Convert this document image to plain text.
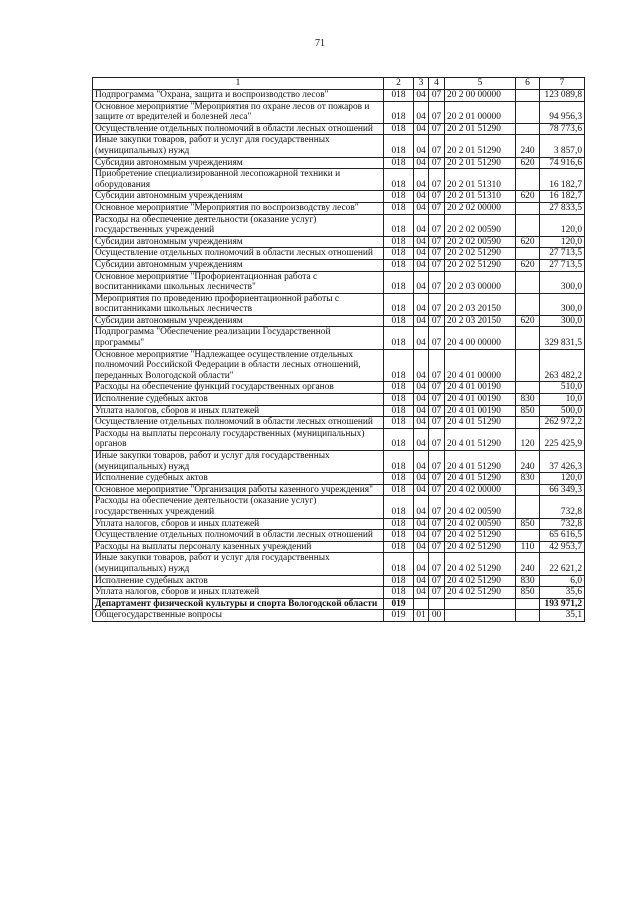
71
1	2	3	4	5	6	7
Подпрограмма "Охрана, защита и воспроизводство лесов"	018	04	07	20 2 00 00000		123 089,8
Основное мероприятие "Мероприятия по охране лесов от пожаров и защите от вредителей и болезней леса"	018	04	07	20 2 01 00000		94 956,3
Осуществление отдельных полномочий в области лесных отношений	018	04	07	20 2 01 51290		78 773,6
Иные закупки товаров, работ и услуг для государственных (муниципальных) нужд	018	04	07	20 2 01 51290	240	3 857,0
Субсидии автономным учреждениям	018	04	07	20 2 01 51290	620	74 916,6
Приобретение специализированной лесопожарной техники и оборудования	018	04	07	20 2 01 51310		16 182,7
Субсидии автономным учреждениям	018	04	07	20 2 01 51310	620	16 182,7
Основное мероприятие "Мероприятия по воспроизводству лесов"	018	04	07	20 2 02 00000		27 833,5
Расходы на обеспечение деятельности (оказание услуг) государственных учреждений	018	04	07	20 2 02 00590		120,0
Субсидии автономным учреждениям	018	04	07	20 2 02 00590	620	120,0
Осуществление отдельных полномочий в области лесных отношений	018	04	07	20 2 02 51290		27 713,5
Субсидии автономным учреждениям	018	04	07	20 2 02 51290	620	27 713,5
Основное мероприятие "Профориентационная работа с воспитанниками школьных лесничеств"	018	04	07	20 2 03 00000		300,0
Мероприятия по проведению профориентационной работы с воспитанниками школьных лесничеств	018	04	07	20 2 03 20150		300,0
Субсидии автономным учреждениям	018	04	07	20 2 03 20150	620	300,0
Подпрограмма "Обеспечение реализации Государственной программы"	018	04	07	20 4 00 00000		329 831,5
Основное мероприятие "Надлежащее осуществление отдельных полномочий Российской Федерации в области лесных отношений, переданных Вологодской области"	018	04	07	20 4 01 00000		263 482,2
Расходы на обеспечение функций государственных органов	018	04	07	20 4 01 00190		510,0
Исполнение судебных актов	018	04	07	20 4 01 00190	830	10,0
Уплата налогов, сборов и иных платежей	018	04	07	20 4 01 00190	850	500,0
Осуществление отдельных полномочий в области лесных отношений	018	04	07	20 4 01 51290		262 972,2
Расходы на выплаты персоналу государственных (муниципальных) органов	018	04	07	20 4 01 51290	120	225 425,9
Иные закупки товаров, работ и услуг для государственных (муниципальных) нужд	018	04	07	20 4 01 51290	240	37 426,3
Исполнение судебных актов	018	04	07	20 4 01 51290	830	120,0
Основное мероприятие "Организация работы казенного учреждения"	018	04	07	20 4 02 00000		66 349,3
Расходы на обеспечение деятельности (оказание услуг) государственных учреждений	018	04	07	20 4 02 00590		732,8
Уплата налогов, сборов и иных платежей	018	04	07	20 4 02 00590	850	732,8
Осуществление отдельных полномочий в области лесных отношений	018	04	07	20 4 02 51290		65 616,5
Расходы на выплаты персоналу казенных учреждений	018	04	07	20 4 02 51290	110	42 953,7
Иные закупки товаров, работ и услуг для государственных (муниципальных) нужд	018	04	07	20 4 02 51290	240	22 621,2
Исполнение судебных актов	018	04	07	20 4 02 51290	830	6,0
Уплата налогов, сборов и иных платежей	018	04	07	20 4 02 51290	850	35,6
Департамент физической культуры и спорта Вологодской области	019					193 971,2
Общегосударственные вопросы	019	01	00			35,1
